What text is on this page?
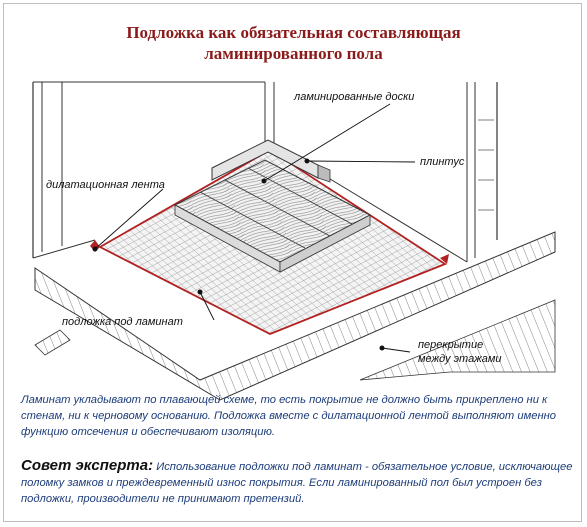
Подложка как обязательная составляющая
ламинированного пола
ламинированные доски
плинтус
дилатационная лента
подложка под ламинат
перекрытие
между этажами
Ламинат укладывают по плавающей схеме, то есть покрытие не должно быть прикреплено ни к стенам, ни к черновому основанию. Подложка вместе с дилатационной лентой выполняют именно функцию отсечения и обеспечивают изоляцию.
Совет эксперта: Использование подложки под ламинат - обязательное условие, исключающее поломку замков и преждевременный износ покрытия. Если ламинированный пол был устроен без подложки, производители не принимают претензий.
